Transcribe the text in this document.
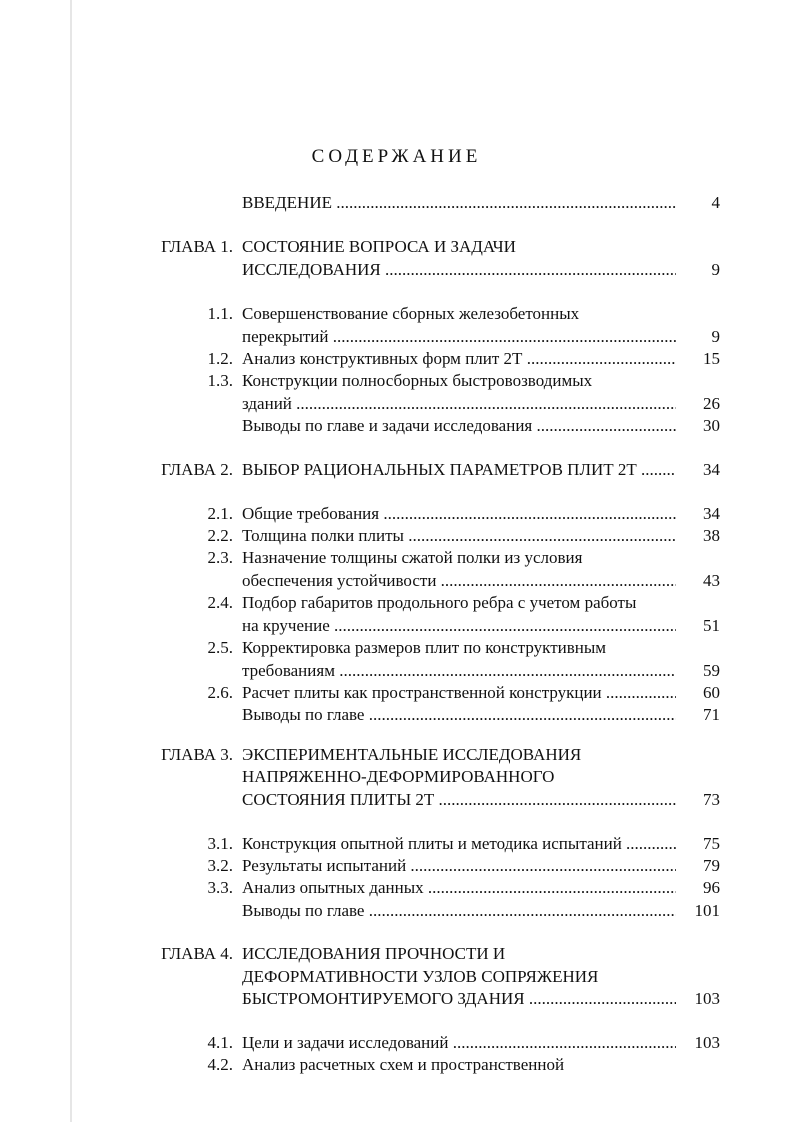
СОДЕРЖАНИЕ
ВВЕДЕНИЕ .....	4
ГЛАВА 1. СОСТОЯНИЕ ВОПРОСА И ЗАДАЧИ
ИССЛЕДОВАНИЯ .....	9
1.1. Совершенствование сборных железобетонных
перекрытий .....	9
1.2. Анализ конструктивных форм плит 2Т .....	15
1.3. Конструкции полносборных быстровозводимых
зданий .....	26
Выводы по главе и задачи исследования .....	30
ГЛАВА 2. ВЫБОР РАЦИОНАЛЬНЫХ ПАРАМЕТРОВ ПЛИТ 2Т .....	34
2.1. Общие требования .....	34
2.2. Толщина полки плиты .....	38
2.3. Назначение толщины сжатой полки из условия
обеспечения устойчивости .....	43
2.4. Подбор габаритов продольного ребра с учетом работы
на кручение .....	51
2.5. Корректировка размеров плит по конструктивным
требованиям .....	59
2.6. Расчет плиты как пространственной конструкции .....	60
Выводы по главе .....	71
ГЛАВА 3. ЭКСПЕРИМЕНТАЛЬНЫЕ ИССЛЕДОВАНИЯ
НАПРЯЖЕННО-ДЕФОРМИРОВАННОГО
СОСТОЯНИЯ ПЛИТЫ 2Т .....	73
3.1. Конструкция опытной плиты и методика испытаний .....	75
3.2. Результаты испытаний .....	79
3.3. Анализ опытных данных .....	96
Выводы по главе .....	101
ГЛАВА 4. ИССЛЕДОВАНИЯ ПРОЧНОСТИ И
ДЕФОРМАТИВНОСТИ УЗЛОВ СОПРЯЖЕНИЯ
БЫСТРОМОНТИРУЕМОГО ЗДАНИЯ .....	103
4.1. Цели и задачи исследований .....	103
4.2. Анализ расчетных схем и пространственной
